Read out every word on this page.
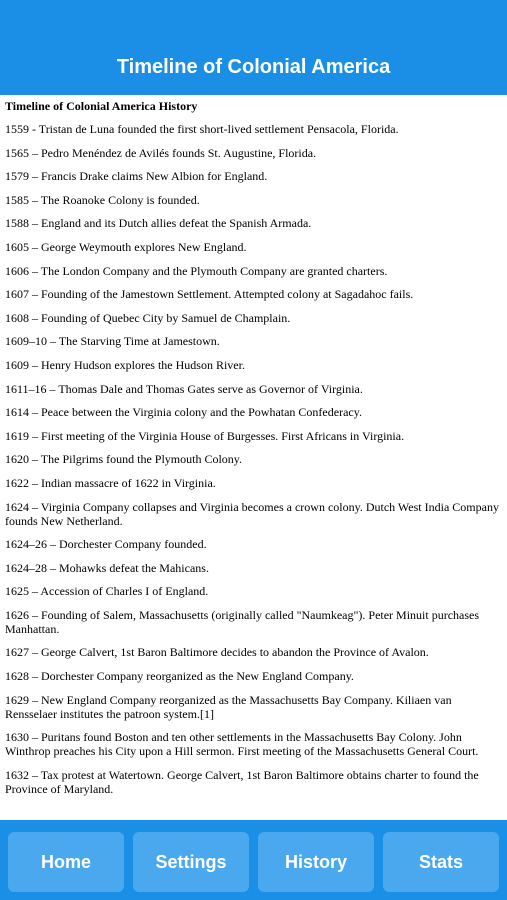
Timeline of Colonial America
Timeline of Colonial America History
1559 - Tristan de Luna founded the first short-lived settlement Pensacola, Florida.
1565 – Pedro Menéndez de Avilés founds St. Augustine, Florida.
1579 – Francis Drake claims New Albion for England.
1585 – The Roanoke Colony is founded.
1588 – England and its Dutch allies defeat the Spanish Armada.
1605 – George Weymouth explores New England.
1606 – The London Company and the Plymouth Company are granted charters.
1607 – Founding of the Jamestown Settlement. Attempted colony at Sagadahoc fails.
1608 – Founding of Quebec City by Samuel de Champlain.
1609–10 – The Starving Time at Jamestown.
1609 – Henry Hudson explores the Hudson River.
1611–16 – Thomas Dale and Thomas Gates serve as Governor of Virginia.
1614 – Peace between the Virginia colony and the Powhatan Confederacy.
1619 – First meeting of the Virginia House of Burgesses. First Africans in Virginia.
1620 – The Pilgrims found the Plymouth Colony.
1622 – Indian massacre of 1622 in Virginia.
1624 – Virginia Company collapses and Virginia becomes a crown colony. Dutch West India Company founds New Netherland.
1624–26 – Dorchester Company founded.
1624–28 – Mohawks defeat the Mahicans.
1625 – Accession of Charles I of England.
1626 – Founding of Salem, Massachusetts (originally called "Naumkeag"). Peter Minuit purchases Manhattan.
1627 – George Calvert, 1st Baron Baltimore decides to abandon the Province of Avalon.
1628 – Dorchester Company reorganized as the New England Company.
1629 – New England Company reorganized as the Massachusetts Bay Company. Kiliaen van Rensselaer institutes the patroon system.[1]
1630 – Puritans found Boston and ten other settlements in the Massachusetts Bay Colony. John Winthrop preaches his City upon a Hill sermon. First meeting of the Massachusetts General Court.
1632 – Tax protest at Watertown. George Calvert, 1st Baron Baltimore obtains charter to found the Province of Maryland.
Home	Settings	History	Stats
